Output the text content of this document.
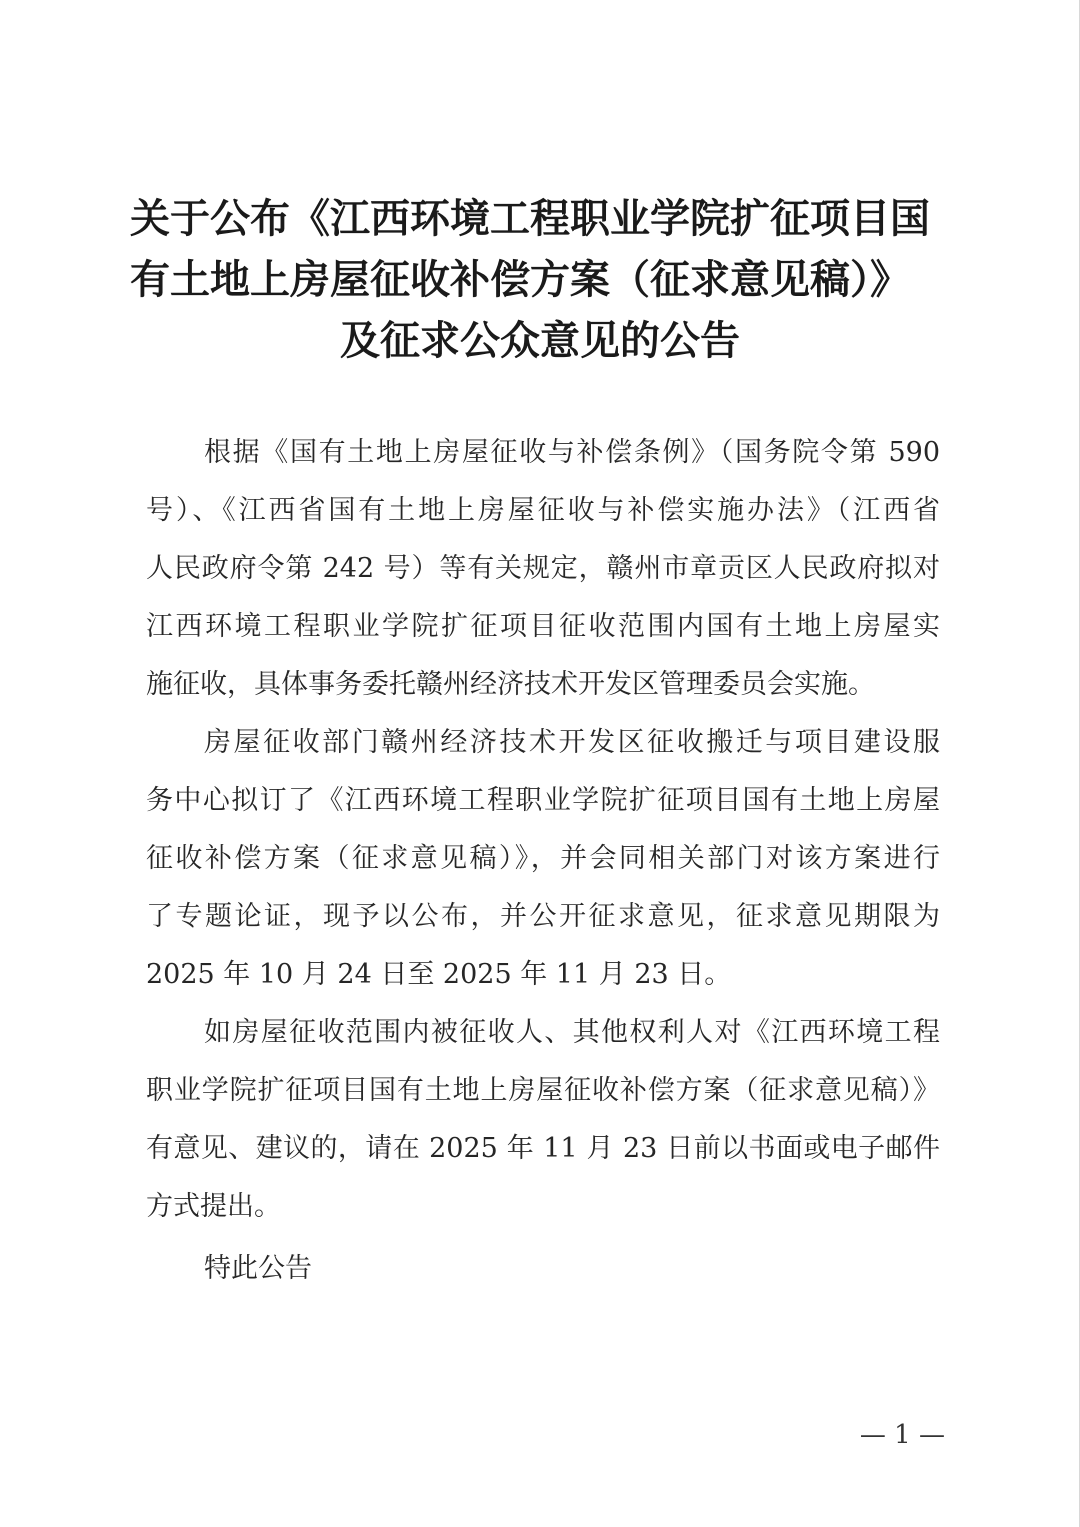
关于公布《江西环境工程职业学院扩征项目国
有土地上房屋征收补偿方案（征求意见稿）》
及征求公众意见的公告
根据《国有土地上房屋征收与补偿条例》（国务院令第 590
号）、《江西省国有土地上房屋征收与补偿实施办法》（江西省
人民政府令第 242 号）等有关规定，赣州市章贡区人民政府拟对
江西环境工程职业学院扩征项目征收范围内国有土地上房屋实
施征收，具体事务委托赣州经济技术开发区管理委员会实施。
房屋征收部门赣州经济技术开发区征收搬迁与项目建设服
务中心拟订了《江西环境工程职业学院扩征项目国有土地上房屋
征收补偿方案（征求意见稿）》，并会同相关部门对该方案进行
了专题论证，现予以公布，并公开征求意见，征求意见期限为
2025 年 10 月 24 日至 2025 年 11 月 23 日。
如房屋征收范围内被征收人、其他权利人对《江西环境工程
职业学院扩征项目国有土地上房屋征收补偿方案（征求意见稿）》
有意见、建议的，请在 2025 年 11 月 23 日前以书面或电子邮件
方式提出。
特此公告
— 1 —
